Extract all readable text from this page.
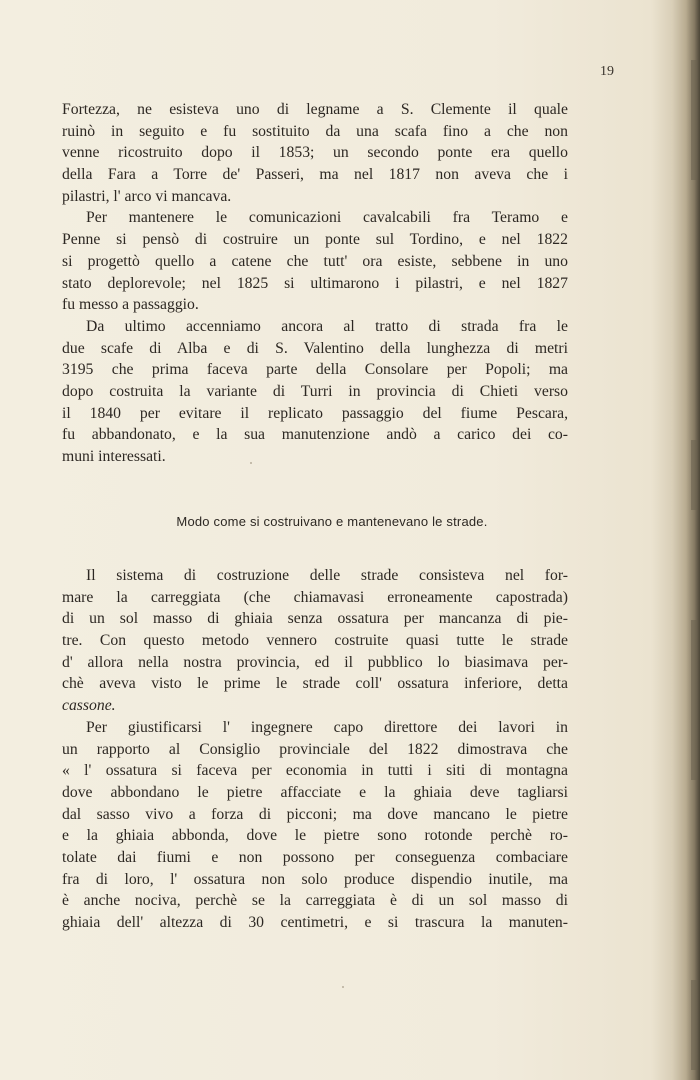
19
Fortezza, ne esisteva uno di legname a S. Clemente il quale
ruinò in seguito e fu sostituito da una scafa fino a che non
venne ricostruito dopo il 1853; un secondo ponte era quello
della Fara a Torre de' Passeri, ma nel 1817 non aveva che i
pilastri, l' arco vi mancava.
Per mantenere le comunicazioni cavalcabili fra Teramo e
Penne si pensò di costruire un ponte sul Tordino, e nel 1822
si progettò quello a catene che tutt' ora esiste, sebbene in uno
stato deplorevole; nel 1825 si ultimarono i pilastri, e nel 1827
fu messo a passaggio.
Da ultimo accenniamo ancora al tratto di strada fra le
due scafe di Alba e di S. Valentino della lunghezza di metri
3195 che prima faceva parte della Consolare per Popoli; ma
dopo costruita la variante di Turri in provincia di Chieti verso
il 1840 per evitare il replicato passaggio del fiume Pescara,
fu abbandonato, e la sua manutenzione andò a carico dei co-
muni interessati.
Modo come si costruivano e mantenevano le strade.
Il sistema di costruzione delle strade consisteva nel for-
mare la carreggiata (che chiamavasi erroneamente capostrada)
di un sol masso di ghiaia senza ossatura per mancanza di pie-
tre. Con questo metodo vennero costruite quasi tutte le strade
d' allora nella nostra provincia, ed il pubblico lo biasimava per-
chè aveva visto le prime le strade coll' ossatura inferiore, detta
cassone.
Per giustificarsi l' ingegnere capo direttore dei lavori in
un rapporto al Consiglio provinciale del 1822 dimostrava che
« l' ossatura si faceva per economia in tutti i siti di montagna
dove abbondano le pietre affacciate e la ghiaia deve tagliarsi
dal sasso vivo a forza di picconi; ma dove mancano le pietre
e la ghiaia abbonda, dove le pietre sono rotonde perchè ro-
tolate dai fiumi e non possono per conseguenza combaciare
fra di loro, l' ossatura non solo produce dispendio inutile, ma
è anche nociva, perchè se la carreggiata è di un sol masso di
ghiaia dell' altezza di 30 centimetri, e si trascura la manuten-
